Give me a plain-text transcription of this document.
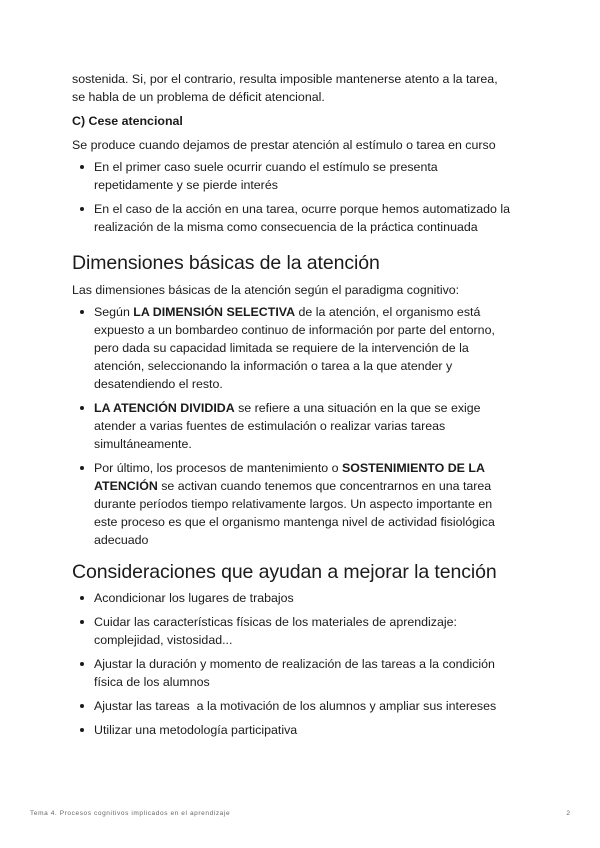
sostenida. Si, por el contrario, resulta imposible mantenerse atento a la tarea,
se habla de un problema de déficit atencional.

C) Cese atencional

Se produce cuando dejamos de prestar atención al estímulo o tarea en curso

En el primer caso suele ocurrir cuando el estímulo se presenta
repetidamente y se pierde interés
En el caso de la acción en una tarea, ocurre porque hemos automatizado la
realización de la misma como consecuencia de la práctica continuada
Dimensiones básicas de la atención

Las dimensiones básicas de la atención según el paradigma cognitivo:

Según LA DIMENSIÓN SELECTIVA de la atención, el organismo está
expuesto a un bombardeo continuo de información por parte del entorno,
pero dada su capacidad limitada se requiere de la intervención de la
atención, seleccionando la información o tarea a la que atender y
desatendiendo el resto.
LA ATENCIÓN DIVIDIDA se refiere a una situación en la que se exige
atender a varias fuentes de estimulación o realizar varias tareas
simultáneamente.
Por último, los procesos de mantenimiento o SOSTENIMIENTO DE LA
ATENCIÓN se activan cuando tenemos que concentrarnos en una tarea
durante períodos tiempo relativamente largos. Un aspecto importante en
este proceso es que el organismo mantenga nivel de actividad fisiológica
adecuado
Consideraciones que ayudan a mejorar la tención
Acondicionar los lugares de trabajos
Cuidar las características físicas de los materiales de aprendizaje:
complejidad, vistosidad...
Ajustar la duración y momento de realización de las tareas a la condición
física de los alumnos
Ajustar las tareas  a la motivación de los alumnos y ampliar sus intereses
Utilizar una metodología participativa
Tema 4. Procesos cognitivos implicados en el aprendizaje	2
